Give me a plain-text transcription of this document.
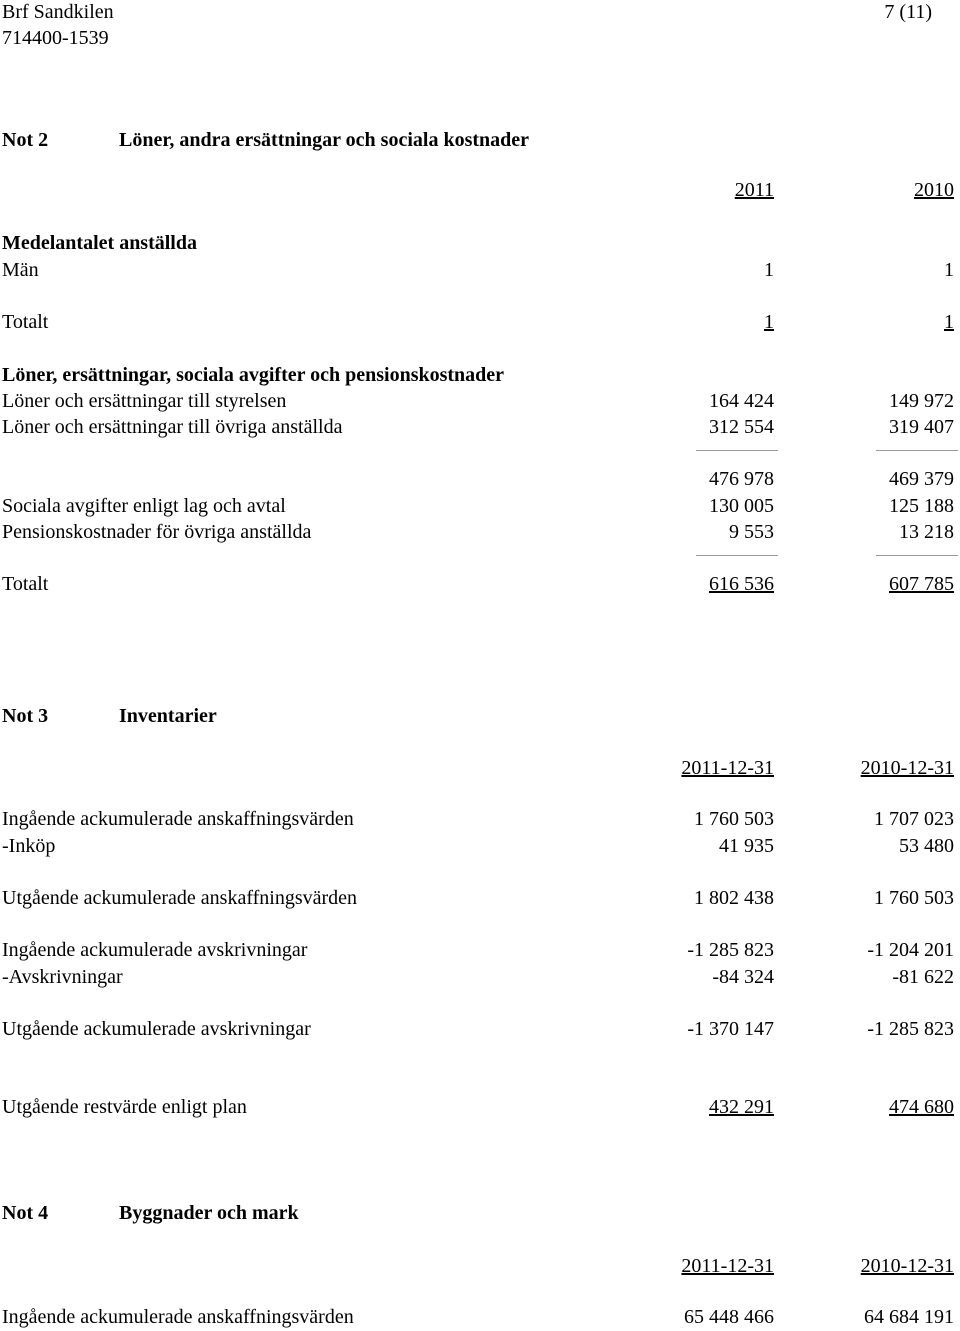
Brf Sandkilen
714400-1539
7 (11)
Not 2	Löner, andra ersättningar och sociala kostnader
2011	2010
Medelantalet anställda
Män	1	1
Totalt	1	1
Löner, ersättningar, sociala avgifter och pensionskostnader
Löner och ersättningar till styrelsen	164 424	149 972
Löner och ersättningar till övriga anställda	312 554	319 407
476 978	469 379
Sociala avgifter enligt lag och avtal	130 005	125 188
Pensionskostnader för övriga anställda	9 553	13 218
Totalt	616 536	607 785
Not 3	Inventarier
2011-12-31	2010-12-31
Ingående ackumulerade anskaffningsvärden	1 760 503	1 707 023
-Inköp	41 935	53 480
Utgående ackumulerade anskaffningsvärden	1 802 438	1 760 503
Ingående ackumulerade avskrivningar	-1 285 823	-1 204 201
-Avskrivningar	-84 324	-81 622
Utgående ackumulerade avskrivningar	-1 370 147	-1 285 823
Utgående restvärde enligt plan	432 291	474 680
Not 4	Byggnader och mark
2011-12-31	2010-12-31
Ingående ackumulerade anskaffningsvärden	65 448 466	64 684 191
